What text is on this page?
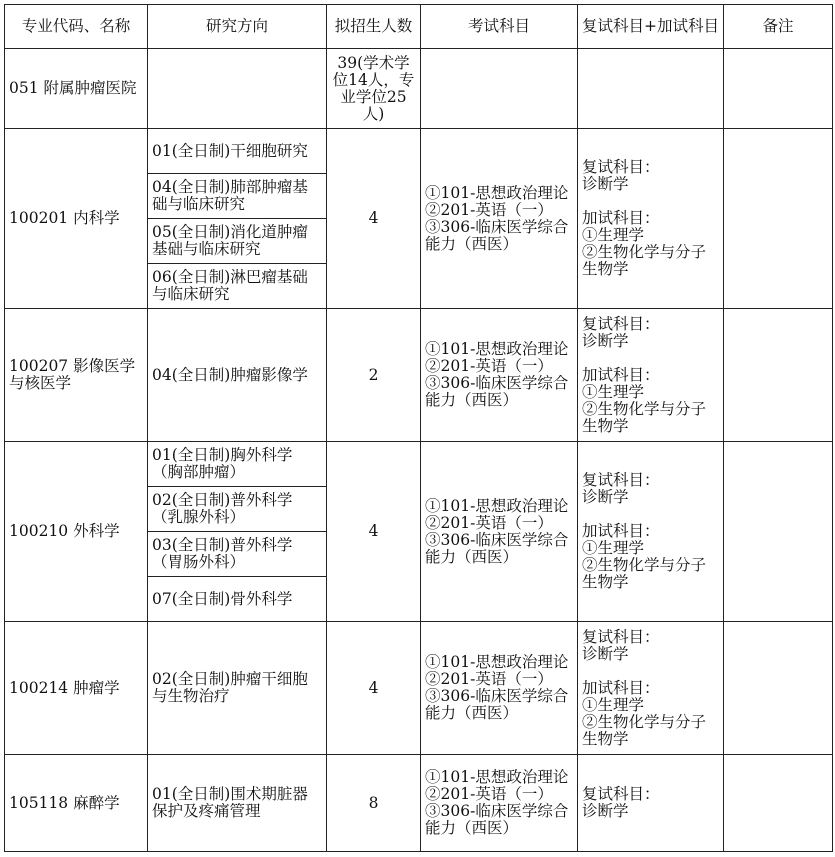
专业代码、名称	研究方向	拟招生人数	考试科目	复试科目+加试科目	备注
051 附属肿瘤医院		39(学术学位14人，专业学位25人)			
100201 内科学	01(全日制)干细胞研究	4	①101-思想政治理论
②201-英语（一）
③306-临床医学综合能力（西医）	复试科目：
诊断学

加试科目：
①生理学
②生物化学与分子生物学	
	04(全日制)肺部肿瘤基础与临床研究				
	05(全日制)消化道肿瘤基础与临床研究				
	06(全日制)淋巴瘤基础与临床研究				
100207 影像医学与核医学	04(全日制)肿瘤影像学	2	①101-思想政治理论
②201-英语（一）
③306-临床医学综合能力（西医）	复试科目：
诊断学

加试科目：
①生理学
②生物化学与分子生物学	
100210 外科学	01(全日制)胸外科学（胸部肿瘤）	4	①101-思想政治理论
②201-英语（一）
③306-临床医学综合能力（西医）	复试科目：
诊断学

加试科目：
①生理学
②生物化学与分子生物学	
	02(全日制)普外科学（乳腺外科）				
	03(全日制)普外科学（胃肠外科）				
	07(全日制)骨外科学				
100214 肿瘤学	02(全日制)肿瘤干细胞与生物治疗	4	①101-思想政治理论
②201-英语（一）
③306-临床医学综合能力（西医）	复试科目：
诊断学

加试科目：
①生理学
②生物化学与分子生物学	
105118 麻醉学	01(全日制)围术期脏器保护及疼痛管理	8	①101-思想政治理论
②201-英语（一）
③306-临床医学综合能力（西医）	复试科目：
诊断学	
